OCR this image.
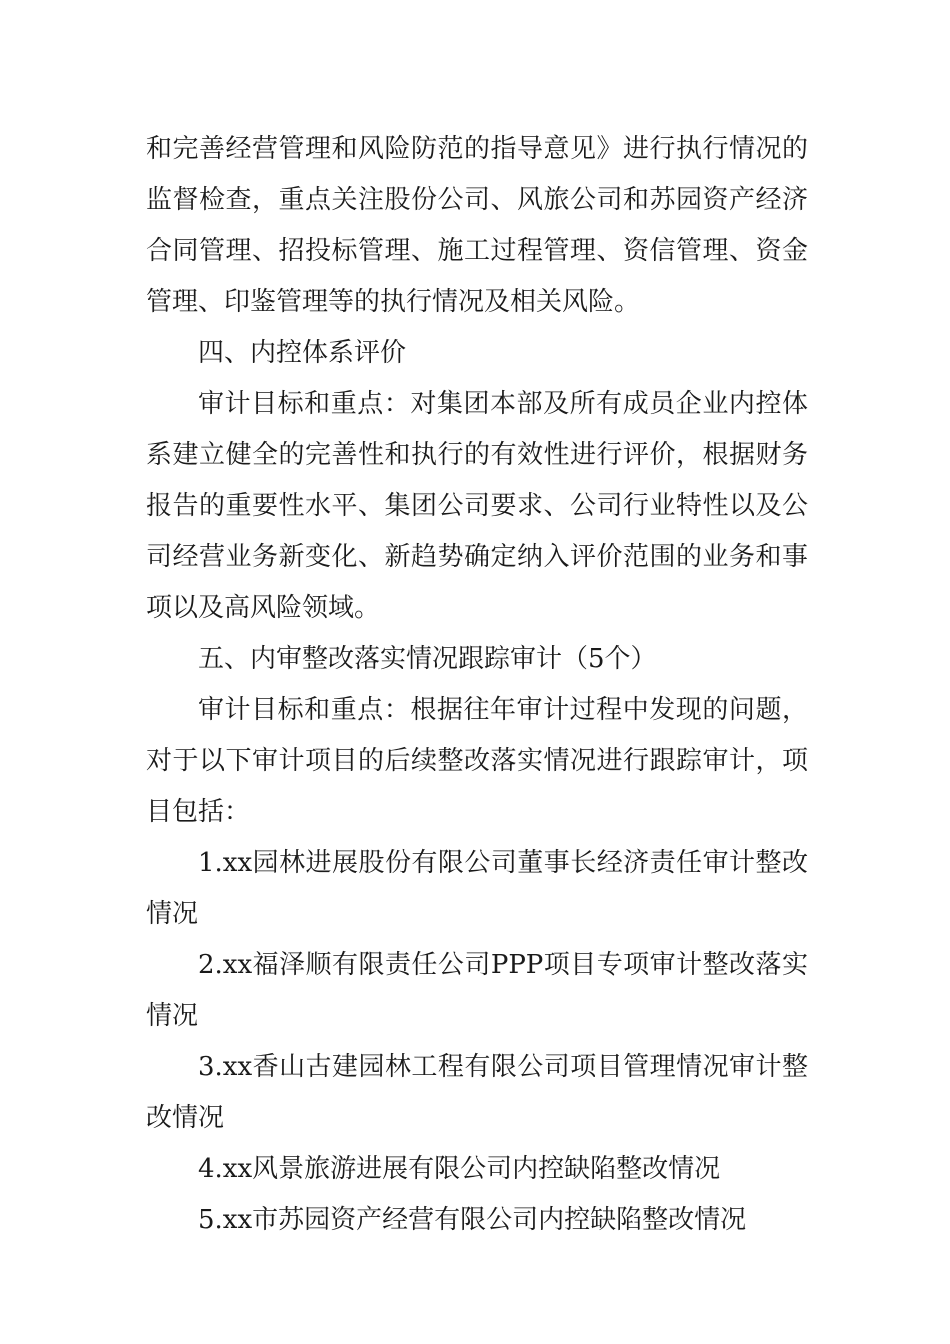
和完善经营管理和风险防范的指导意见》进行执行情况的监督检查，重点关注股份公司、风旅公司和苏园资产经济合同管理、招投标管理、施工过程管理、资信管理、资金管理、印鉴管理等的执行情况及相关风险。

四、内控体系评价

审计目标和重点：对集团本部及所有成员企业内控体系建立健全的完善性和执行的有效性进行评价，根据财务报告的重要性水平、集团公司要求、公司行业特性以及公司经营业务新变化、新趋势确定纳入评价范围的业务和事项以及高风险领域。

五、内审整改落实情况跟踪审计（5个）

审计目标和重点：根据往年审计过程中发现的问题，对于以下审计项目的后续整改落实情况进行跟踪审计，项目包括：

1.xx园林进展股份有限公司董事长经济责任审计整改情况

2.xx福泽顺有限责任公司PPP项目专项审计整改落实情况

3.xx香山古建园林工程有限公司项目管理情况审计整改情况

4.xx风景旅游进展有限公司内控缺陷整改情况

5.xx市苏园资产经营有限公司内控缺陷整改情况
